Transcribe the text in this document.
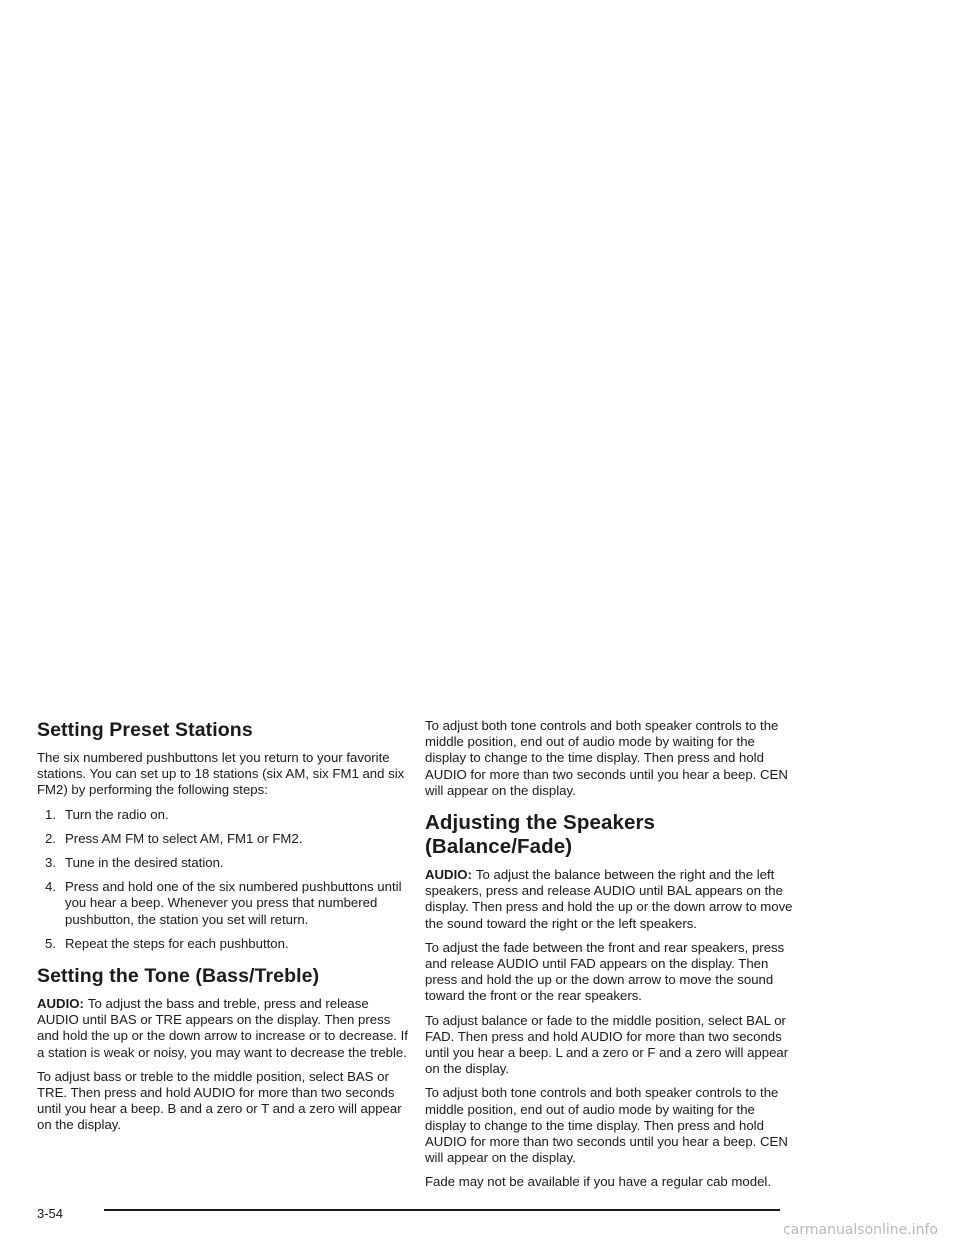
Setting Preset Stations

The six numbered pushbuttons let you return to your favorite stations. You can set up to 18 stations (six AM, six FM1 and six FM2) by performing the following steps:

1. Turn the radio on.
2. Press AM FM to select AM, FM1 or FM2.
3. Tune in the desired station.
4. Press and hold one of the six numbered pushbuttons until you hear a beep. Whenever you press that numbered pushbutton, the station you set will return.
5. Repeat the steps for each pushbutton.
Setting the Tone (Bass/Treble)

AUDIO: To adjust the bass and treble, press and release AUDIO until BAS or TRE appears on the display. Then press and hold the up or the down arrow to increase or to decrease. If a station is weak or noisy, you may want to decrease the treble.

To adjust bass or treble to the middle position, select BAS or TRE. Then press and hold AUDIO for more than two seconds until you hear a beep. B and a zero or T and a zero will appear on the display.

To adjust both tone controls and both speaker controls to the middle position, end out of audio mode by waiting for the display to change to the time display. Then press and hold AUDIO for more than two seconds until you hear a beep. CEN will appear on the display.

Adjusting the Speakers (Balance/Fade)

AUDIO: To adjust the balance between the right and the left speakers, press and release AUDIO until BAL appears on the display. Then press and hold the up or the down arrow to move the sound toward the right or the left speakers.

To adjust the fade between the front and rear speakers, press and release AUDIO until FAD appears on the display. Then press and hold the up or the down arrow to move the sound toward the front or the rear speakers.

To adjust balance or fade to the middle position, select BAL or FAD. Then press and hold AUDIO for more than two seconds until you hear a beep. L and a zero or F and a zero will appear on the display.

To adjust both tone controls and both speaker controls to the middle position, end out of audio mode by waiting for the display to change to the time display. Then press and hold AUDIO for more than two seconds until you hear a beep. CEN will appear on the display.

Fade may not be available if you have a regular cab model.

3-54
carmanualsonline.info
